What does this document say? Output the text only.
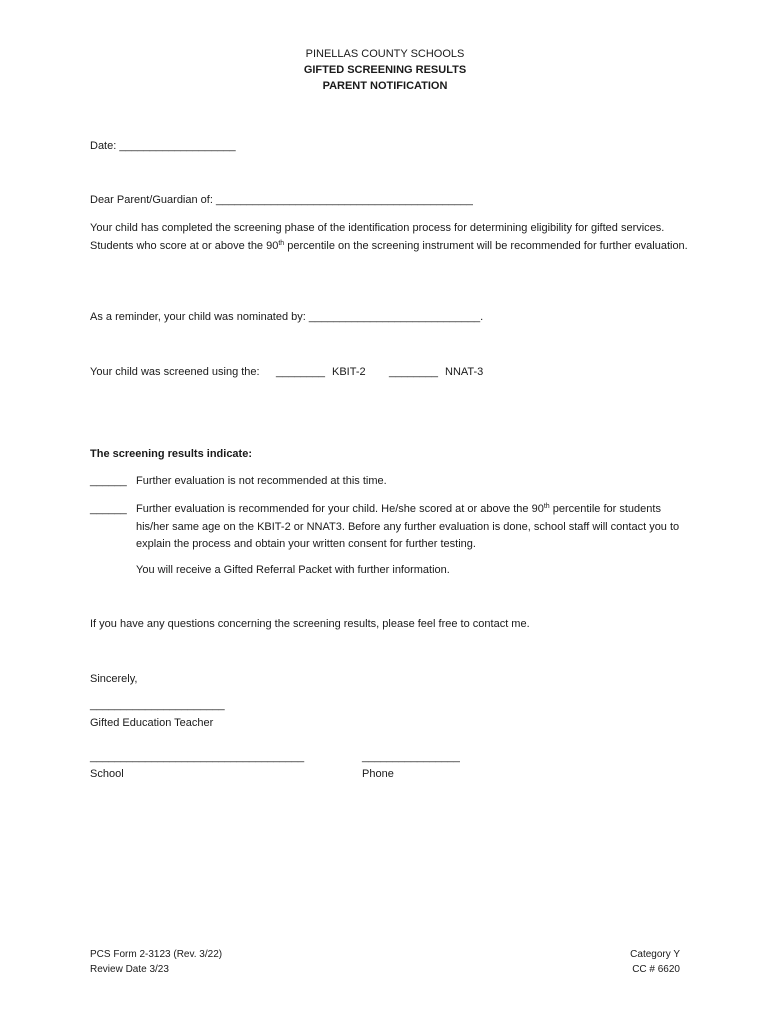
PINELLAS COUNTY SCHOOLS
GIFTED SCREENING RESULTS
PARENT NOTIFICATION
Date: ___________________
Dear Parent/Guardian of: __________________________________________

Your child has completed the screening phase of the identification process for determining eligibility for gifted services. Students who score at or above the 90th percentile on the screening instrument will be recommended for further evaluation.

As a reminder, your child was nominated by: ____________________________.
Your child was screened using the: ________ KBIT-2 ________ NNAT-3
The screening results indicate:
______ Further evaluation is not recommended at this time.
______ Further evaluation is recommended for your child. He/she scored at or above the 90th percentile for students his/her same age on the KBIT-2 or NNAT3. Before any further evaluation is done, school staff will contact you to explain the process and obtain your written consent for further testing.

You will receive a Gifted Referral Packet with further information.
If you have any questions concerning the screening results, please feel free to contact me.
Sincerely,
______________________
Gifted Education Teacher
___________________________________
School
________________
Phone
PCS Form 2-3123 (Rev. 3/22)
Review Date 3/23
Category Y
CC # 6620
